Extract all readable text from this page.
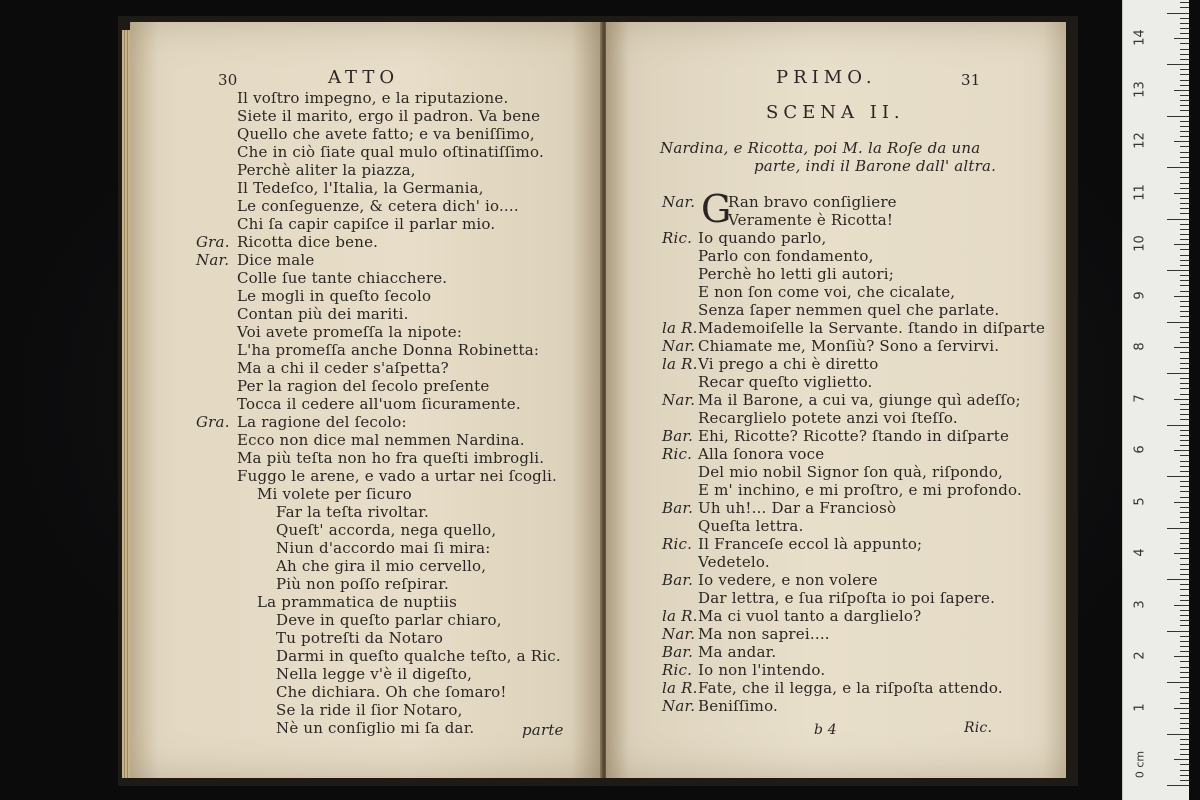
30	ATTO
Il voſtro impegno, e la riputazione.
Siete il marito, ergo il padron. Va bene
Quello che avete fatto; e va beniſſimo,
Che in ciò ſiate qual mulo oſtinatiſſimo.
Perchè aliter la piazza,
Il Tedeſco, l'Italia, la Germania,
Le conſeguenze, & cetera dich' io....
Chi ſa capir capiſce il parlar mio.
Gra. Ricotta dice bene.
Nar. Dice male
Colle ſue tante chiacchere.
Le mogli in queſto ſecolo
Contan più dei mariti.
Voi avete promeſſa la nipote:
L'ha promeſſa anche Donna Robinetta:
Ma a chi il ceder s'aſpetta?
Per la ragion del ſecolo preſente
Tocca il cedere all'uom ſicuramente.
Gra. La ragione del ſecolo:
Ecco non dice mal nemmen Nardina.
Ma più teſta non ho fra queſti imbrogli.
Fuggo le arene, e vado a urtar nei ſcogli.
Mi volete per ſicuro
Far la teſta rivoltar.
Queſt' accorda, nega quello,
Niun d'accordo mai ſi mira:
Ah che gira il mio cervello,
Più non poſſo reſpirar.
La prammatica de nuptiis
Deve in queſto parlar chiaro,
Tu potreſti da Notaro
Darmi in queſto qualche teſto, a Ric.
Nella legge v'è il digeſto,
Che dichiara. Oh che ſomaro!
Se la ride il ſior Notaro,
Nè un conſiglio mi ſa dar.	parte
PRIMO.	31
SCENA II.
Nardina, e Ricotta, poi M. la Roſe da una
parte, indi il Barone dall' altra.
Nar. G
Ran bravo conſigliere
Veramente è Ricotta!
Ric. Io quando parlo,
Parlo con fondamento,
Perchè ho letti gli autori;
E non ſon come voi, che cicalate,
Senza ſaper nemmen quel che parlate.
la R. Mademoiſelle la Servante. ſtando in diſparte
Nar. Chiamate me, Monſiù? Sono a ſervirvi.
la R. Vi prego a chi è diretto
Recar queſto viglietto.
Nar. Ma il Barone, a cui va, giunge quì adeſſo;
Recarglielo potete anzi voi ſteſſo.
Bar. Ehi, Ricotte? Ricotte? ſtando in diſparte
Ric. Alla ſonora voce
Del mio nobil Signor ſon quà, riſpondo,
E m' inchino, e mi proſtro, e mi profondo.
Bar. Uh uh!... Dar a Franciosò
Queſta lettra.
Ric. Il Franceſe eccol là appunto;
Vedetelo.
Bar. Io vedere, e non volere
Dar lettra, e ſua riſpoſta io poi ſapere.
la R. Ma ci vuol tanto a darglielo?
Nar. Ma non saprei....
Bar. Ma andar.
Ric. Io non l'intendo.
la R. Fate, che il legga, e la riſpoſta attendo.
Nar. Beniſſimo.
b 4	Ric.
14
13
12
11
10
9
8
7
6
5
4
3
2
1
0 cm
